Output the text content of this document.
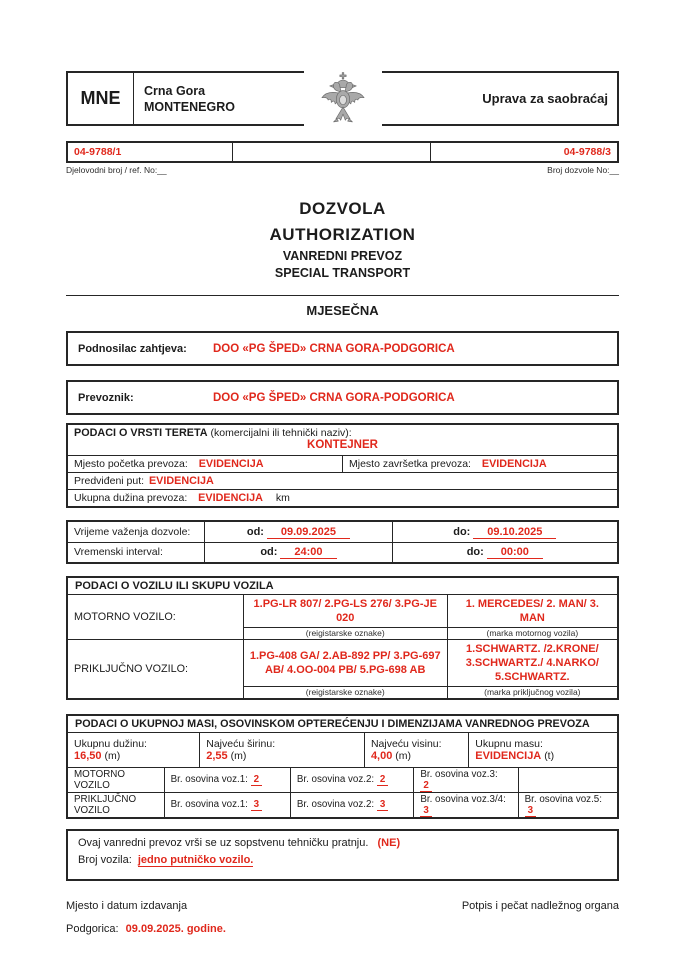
MNE	Crna Gora
MONTENEGRO
Uprava za saobraćaj
04-9788/1		04-9788/3
Djelovodni broj / ref. No:__	Broj dozvole No:__
DOZVOLA
AUTHORIZATION
VANREDNI PREVOZ
SPECIAL TRANSPORT
MJESEČNA
Podnosilac zahtjeva:	DOO «PG ŠPED» CRNA GORA-PODGORICA
Prevoznik:	DOO «PG ŠPED» CRNA GORA-PODGORICA
PODACI O VRSTI TERETA (komercijalni ili tehnički naziv):
KONTEJNER

Mjesto početka prevoza: EVIDENCIJA	Mjesto završetka prevoza: EVIDENCIJA
Predviđeni put: EVIDENCIJA
Ukupna dužina prevoza: EVIDENCIJA km
Vrijeme važenja dozvole:	od: 09.09.2025	do: 09.10.2025
Vremenski interval:	od: 24:00	do: 00:00
PODACI O VOZILU ILI SKUPU VOZILA		
MOTORNO VOZILO:	1.PG-LR 807/ 2.PG-LS 276/ 3.PG-JE 020	1. MERCEDES/ 2. MAN/ 3. MAN
	(reigistarske oznake)	(marka motornog vozila)
PRIKLJUČNO VOZILO:	1.PG-408 GA/ 2.AB-892 PP/ 3.PG-697 AB/ 4.OO-004 PB/ 5.PG-698 AB	1.SCHWARTZ. /2.KRONE/ 3.SCHWARTZ./ 4.NARKO/ 5.SCHWARTZ.
	(reigistarske oznake)	(marka priključnog vozila)
PODACI O UKUPNOJ MASI, OSOVINSKOM OPTEREĆENJU I DIMENZIJAMA VANREDNOG PREVOZA
Ukupnu dužinu:
16,50 (m)

Najveću širinu:
2,55 (m)

Najveću visinu:
4,00 (m)

Ukupnu masu:
EVIDENCIJA (t)
MOTORNO VOZILO	Br. osovina voz.1: 2	Br. osovina voz.2: 2	Br. osovina voz.3: 2	
PRIKLJUČNO VOZILO	Br. osovina voz.1: 3	Br. osovina voz.2: 3	Br. osovina voz.3/4: 3	Br. osovina voz.5: 3
Ovaj vanredni prevoz vrši se uz sopstvenu tehničku pratnju. (NE)
Broj vozila: jedno putničko vozilo.
Mjesto i datum izdavanja	Potpis i pečat nadležnog organa
Podgorica: 09.09.2025. godine.
